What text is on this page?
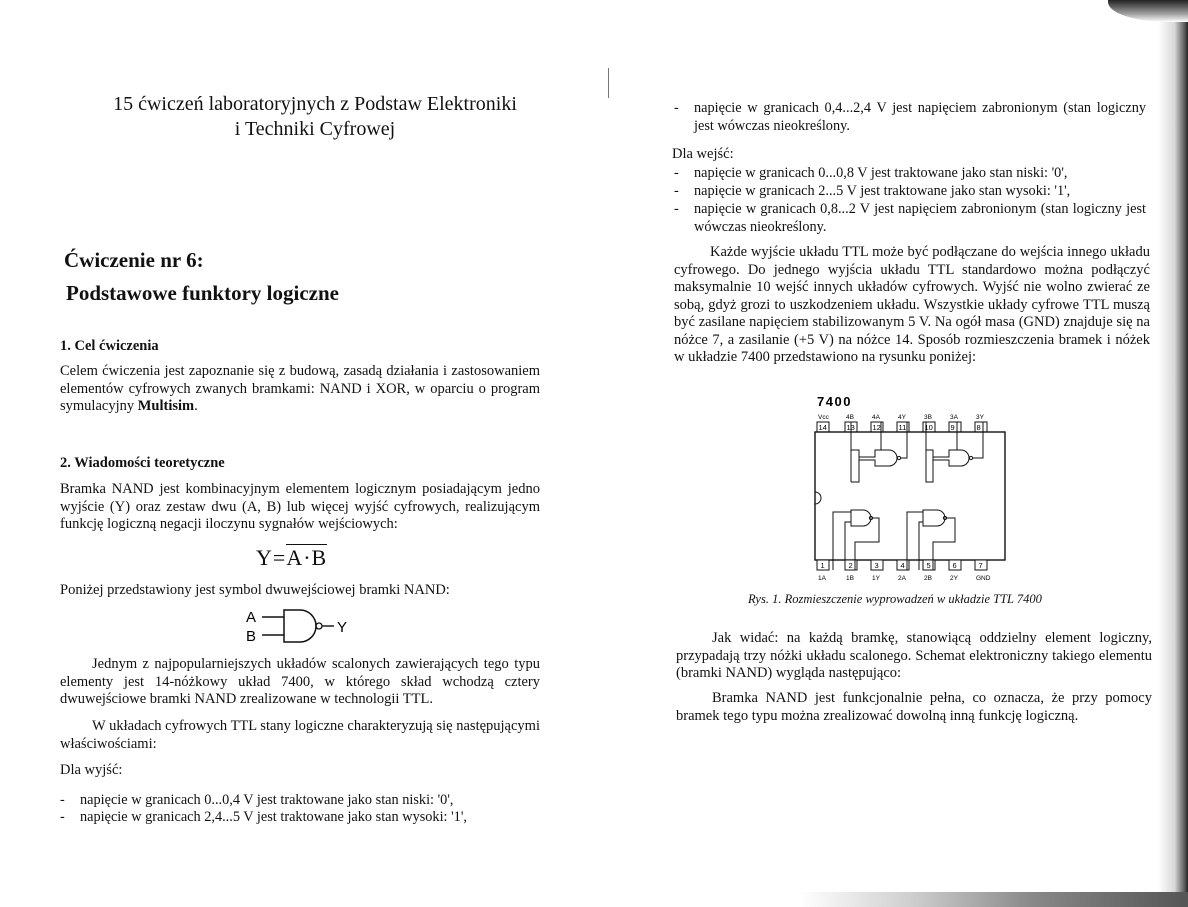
15 ćwiczeń laboratoryjnych z Podstaw Elektroniki
i Techniki Cyfrowej
Ćwiczenie nr 6:
Podstawowe funktory logiczne
1. Cel ćwiczenia
Celem ćwiczenia jest zapoznanie się z budową, zasadą działania i zastosowaniem elementów cyfrowych zwanych bramkami: NAND i XOR, w oparciu o program symulacyjny Multisim.
2. Wiadomości teoretyczne
Bramka NAND jest kombinacyjnym elementem logicznym posiadającym jedno wyjście (Y) oraz zestaw dwu (A, B) lub więcej wyjść cyfrowych, realizującym funkcję logiczną negacji iloczynu sygnałów wejściowych:
Y=A·B
Poniżej przedstawiony jest symbol dwuwejściowej bramki NAND:
A
B
Y
Jednym z najpopularniejszych układów scalonych zawierających tego typu elementy jest 14-nóżkowy układ 7400, w którego skład wchodzą cztery dwuwejściowe bramki NAND zrealizowane w technologii TTL.
W układach cyfrowych TTL stany logiczne charakteryzują się następującymi właściwościami:
Dla wyjść:
- napięcie w granicach 0...0,4 V jest traktowane jako stan niski: '0',
- napięcie w granicach 2,4...5 V jest traktowane jako stan wysoki: '1',
- napięcie w granicach 0,4...2,4 V jest napięciem zabronionym (stan logiczny jest wówczas nieokreślony.
Dla wejść:
- napięcie w granicach 0...0,8 V jest traktowane jako stan niski: '0',
- napięcie w granicach 2...5 V jest traktowane jako stan wysoki: '1',
- napięcie w granicach 0,8...2 V jest napięciem zabronionym (stan logiczny jest wówczas nieokreślony.
Każde wyjście układu TTL może być podłączane do wejścia innego układu cyfrowego. Do jednego wyjścia układu TTL standardowo można podłączyć maksymalnie 10 wejść innych układów cyfrowych. Wyjść nie wolno zwierać ze sobą, gdyż grozi to uszkodzeniem układu. Wszystkie układy cyfrowe TTL muszą być zasilane napięciem stabilizowanym 5 V. Na ogół masa (GND) znajduje się na nóżce 7, a zasilanie (+5 V) na nóżce 14. Sposób rozmieszczenia bramek i nóżek w układzie 7400 przedstawiono na rysunku poniżej:
7400
Vcc	4B	4A	4Y	3B	3A	3Y
14	13 12 11 10 9	8
1	2	3	4	5	6	7
1A	1B	1Y	2A	2B	2Y	GND
Rys. 1. Rozmieszczenie wyprowadzeń w układzie TTL 7400
Jak widać: na każdą bramkę, stanowiącą oddzielny element logiczny, przypadają trzy nóżki układu scalonego. Schemat elektroniczny takiego elementu (bramki NAND) wygląda następująco:
Bramka NAND jest funkcjonalnie pełna, co oznacza, że przy pomocy bramek tego typu można zrealizować dowolną inną funkcję logiczną.
